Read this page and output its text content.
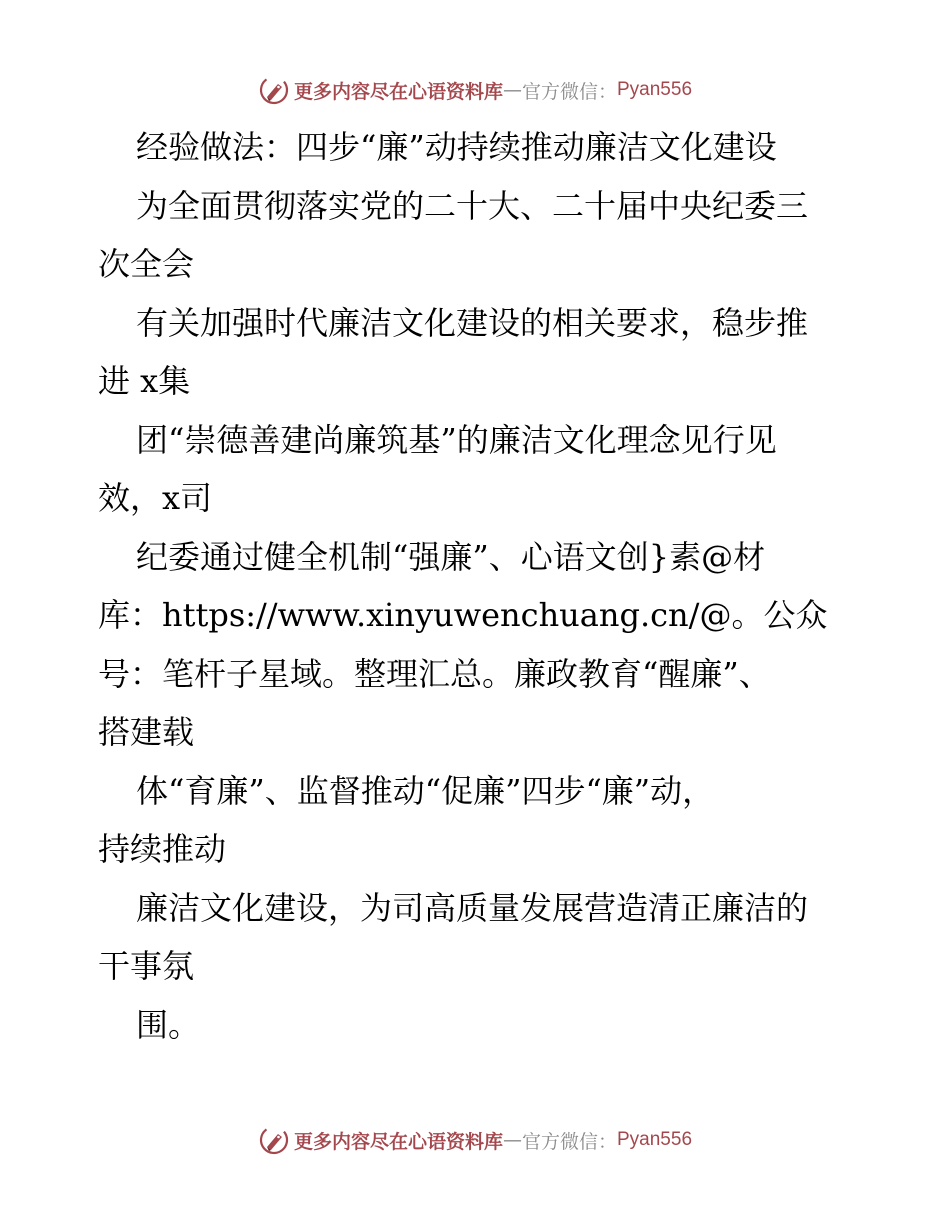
更多内容尽在心语资料库 — 官方微信： Pyan556
经验做法：四步“廉”动持续推动廉洁文化建设
为全面贯彻落实党的二十大、二十届中央纪委三
次全会
有关加强时代廉洁文化建设的相关要求，稳步推
进 x集
团“崇德善建尚廉筑基”的廉洁文化理念见行见
效，x司
纪委通过健全机制“强廉”、心语文创}素@材
库：https://www.xinyuwenchuang.cn/@。公众
号：笔杆子星域。整理汇总。廉政教育“醒廉”、
搭建载
体“育廉”、监督推动“促廉”四步“廉”动，
持续推动
廉洁文化建设，为司高质量发展营造清正廉洁的
干事氛
围。
更多内容尽在心语资料库 — 官方微信： Pyan556
